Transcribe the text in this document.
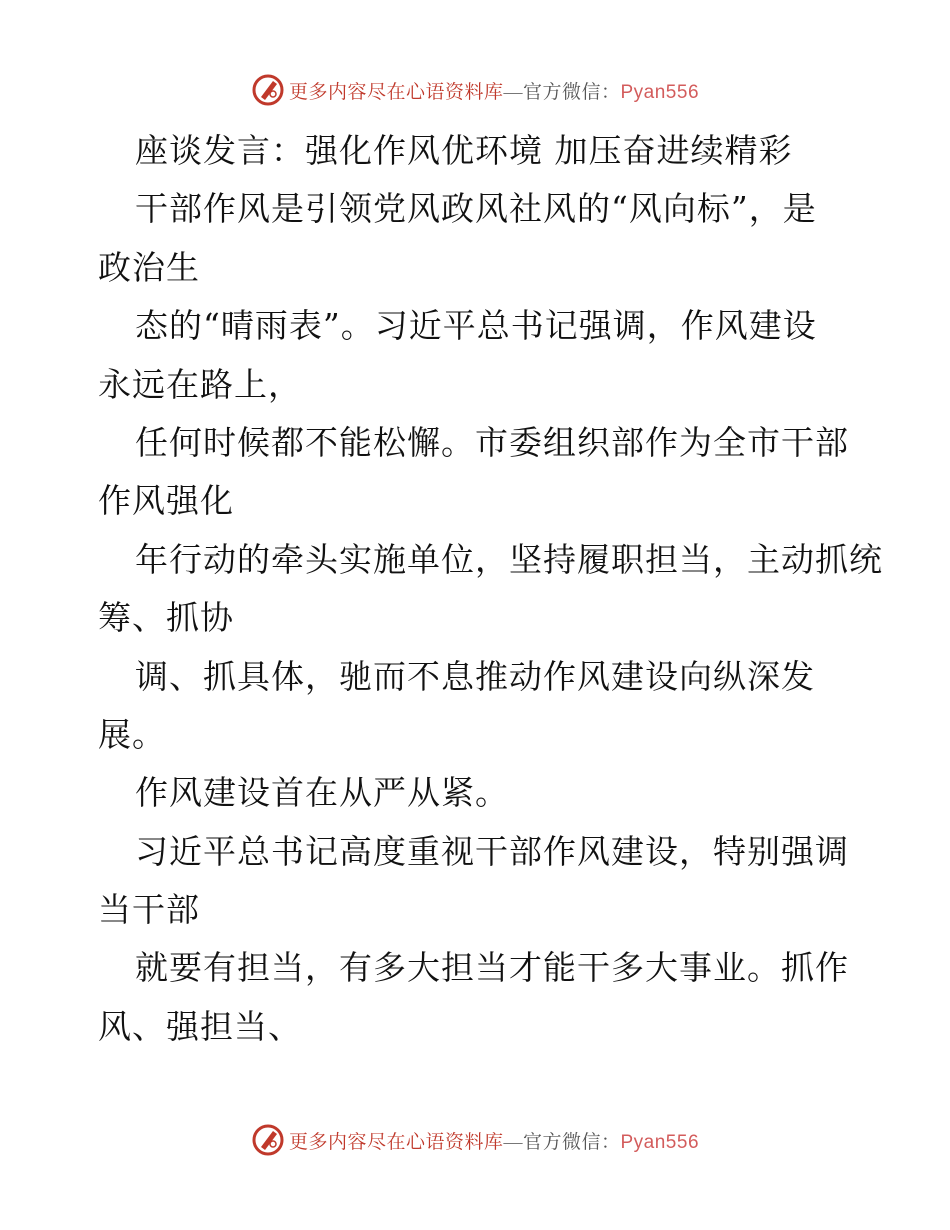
更多内容尽在心语资料库—官方微信：Pyan556
座谈发言：强化作风优环境 加压奋进续精彩
干部作风是引领党风政风社风的“风向标”，是
政治生
态的“晴雨表”。习近平总书记强调，作风建设
永远在路上，
任何时候都不能松懈。市委组织部作为全市干部
作风强化
年行动的牵头实施单位，坚持履职担当，主动抓统
筹、抓协
调、抓具体，驰而不息推动作风建设向纵深发
展。
作风建设首在从严从紧。
习近平总书记高度重视干部作风建设，特别强调
当干部
就要有担当，有多大担当才能干多大事业。抓作
风、强担当、
更多内容尽在心语资料库—官方微信：Pyan556
